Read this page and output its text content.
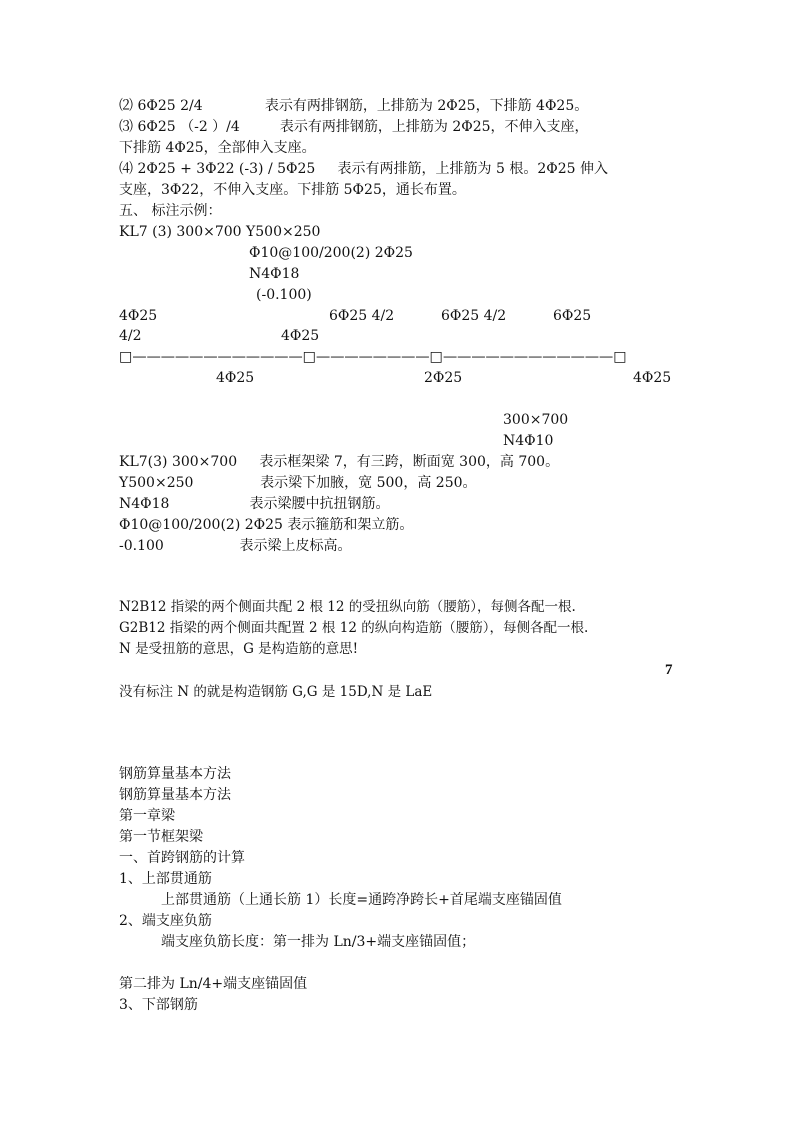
⑵ 6Φ25 2/4              表示有两排钢筋，上排筋为 2Φ25，下排筋 4Φ25。
⑶ 6Φ25 （-2 ）/4         表示有两排钢筋，上排筋为 2Φ25，不伸入支座，
下排筋 4Φ25，全部伸入支座。
⑷ 2Φ25 + 3Φ22 (-3) / 5Φ25     表示有两排筋，上排筋为 5 根。2Φ25 伸入
支座，3Φ22，不伸入支座。下排筋 5Φ25，通长布置。
五、 标注示例：
KL7 (3) 300×700 Y500×250
Φ10@100/200(2) 2Φ25
N4Φ18
(-0.100)
4Φ25	6Φ25 4/2	6Φ25 4/2	6Φ25
4/2	4Φ25
□————————————□————————□————————————□
4Φ25	2Φ25	4Φ25
300×700
N4Φ10
KL7(3) 300×700     表示框架梁 7，有三跨，断面宽 300，高 700。
Y500×250               表示梁下加腋，宽 500，高 250。
N4Φ18                  表示梁腰中抗扭钢筋。
Φ10@100/200(2) 2Φ25 表示箍筋和架立筋。
-0.100                 表示梁上皮标高。
N2B12 指梁的两个侧面共配 2 根 12 的受扭纵向筋（腰筋），每侧各配一根.
G2B12 指梁的两个侧面共配置 2 根 12 的纵向构造筋（腰筋），每侧各配一根.
N 是受扭筋的意思，G 是构造筋的意思!
7
没有标注 N 的就是构造钢筋 G,G 是 15D,N 是 LaE
钢筋算量基本方法
钢筋算量基本方法
第一章梁
第一节框架梁
一、首跨钢筋的计算
1、上部贯通筋
上部贯通筋（上通长筋 1）长度=通跨净跨长+首尾端支座锚固值
2、端支座负筋
端支座负筋长度：第一排为 Ln/3+端支座锚固值；
第二排为 Ln/4+端支座锚固值
3、下部钢筋
